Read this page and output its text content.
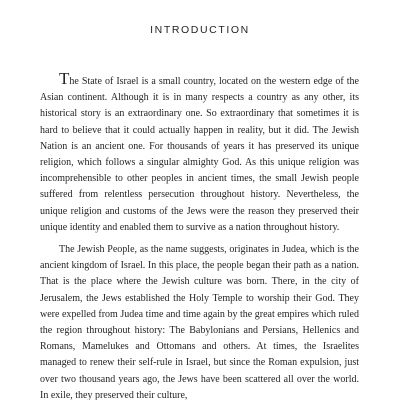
INTRODUCTION

The State of Israel is a small country, located on the western edge of the Asian continent. Although it is in many respects a country as any other, its historical story is an extraordinary one. So extraordinary that sometimes it is hard to believe that it could actually happen in reality, but it did. The Jewish Nation is an ancient one. For thousands of years it has preserved its unique religion, which follows a singular almighty God. As this unique religion was incomprehensible to other peoples in ancient times, the small Jewish people suffered from relentless persecution throughout history. Nevertheless, the unique religion and customs of the Jews were the reason they preserved their unique identity and enabled them to survive as a nation throughout history.

The Jewish People, as the name suggests, originates in Judea, which is the ancient kingdom of Israel. In this place, the people began their path as a nation. That is the place where the Jewish culture was born. There, in the city of Jerusalem, the Jews established the Holy Temple to worship their God. They were expelled from Judea time and time again by the great empires which ruled the region throughout history: The Babylonians and Persians, Hellenics and Romans, Mamelukes and Ottomans and others. At times, the Israelites managed to renew their self-rule in Israel, but since the Roman expulsion, just over two thousand years ago, the Jews have been scattered all over the world. In exile, they preserved their culture,
